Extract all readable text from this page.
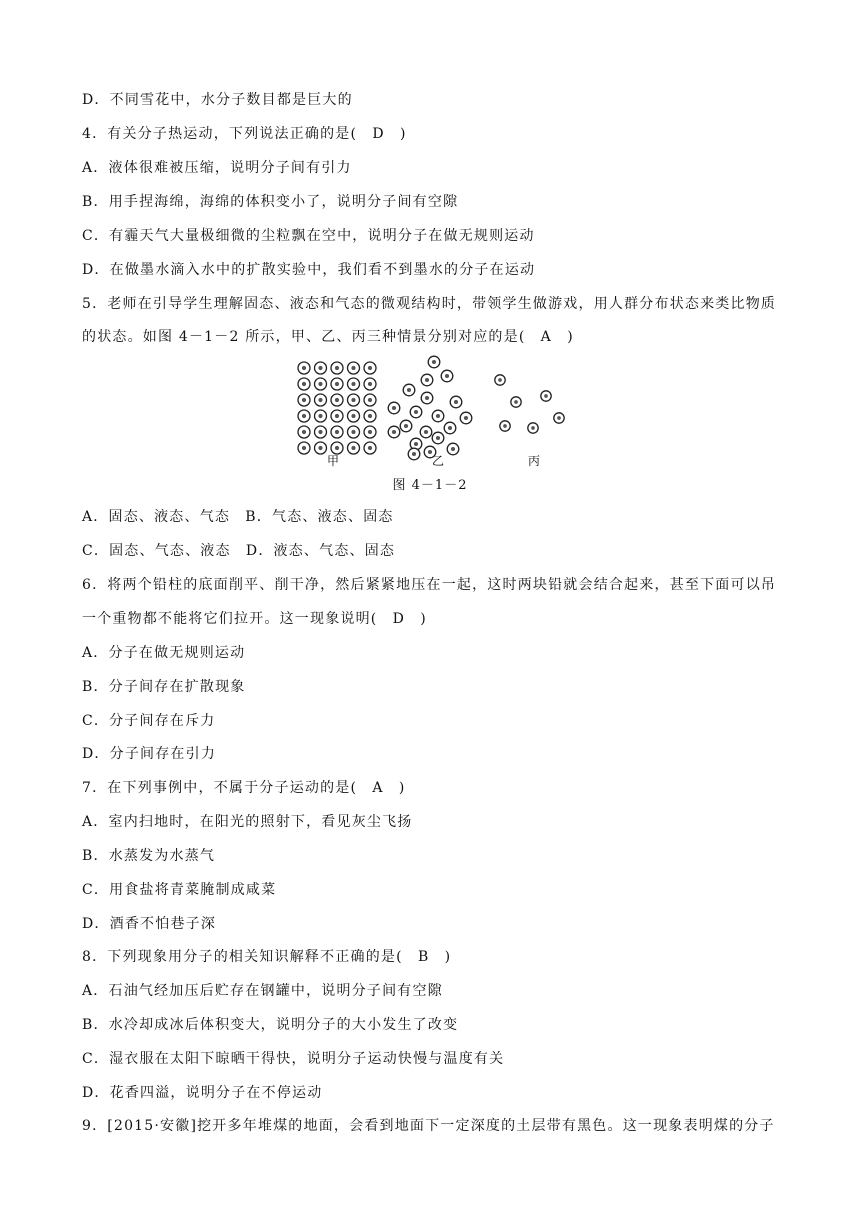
D．不同雪花中，水分子数目都是巨大的
4．有关分子热运动，下列说法正确的是(　D　)
A．液体很难被压缩，说明分子间有引力
B．用手捏海绵，海绵的体积变小了，说明分子间有空隙
C．有霾天气大量极细微的尘粒飘在空中，说明分子在做无规则运动
D．在做墨水滴入水中的扩散实验中，我们看不到墨水的分子在运动
5．老师在引导学生理解固态、液态和气态的微观结构时，带领学生做游戏，用人群分布状态来类比物质
的状态。如图 4－1－2 所示，甲、乙、丙三种情景分别对应的是(　A　)
甲	乙	丙
图 4－1－2
A．固态、液态、气态　B．气态、液态、固态
C．固态、气态、液态　D．液态、气态、固态
6．将两个铅柱的底面削平、削干净，然后紧紧地压在一起，这时两块铅就会结合起来，甚至下面可以吊
一个重物都不能将它们拉开。这一现象说明(　D　)
A．分子在做无规则运动
B．分子间存在扩散现象
C．分子间存在斥力
D．分子间存在引力
7．在下列事例中，不属于分子运动的是(　A　)
A．室内扫地时，在阳光的照射下，看见灰尘飞扬
B．水蒸发为水蒸气
C．用食盐将青菜腌制成咸菜
D．酒香不怕巷子深
8．下列现象用分子的相关知识解释不正确的是(　B　)
A．石油气经加压后贮存在钢罐中，说明分子间有空隙
B．水冷却成冰后体积变大，说明分子的大小发生了改变
C．湿衣服在太阳下晾晒干得快，说明分子运动快慢与温度有关
D．花香四溢，说明分子在不停运动
9．[2015·安徽]挖开多年堆煤的地面，会看到地面下一定深度的土层带有黑色。这一现象表明煤的分子
